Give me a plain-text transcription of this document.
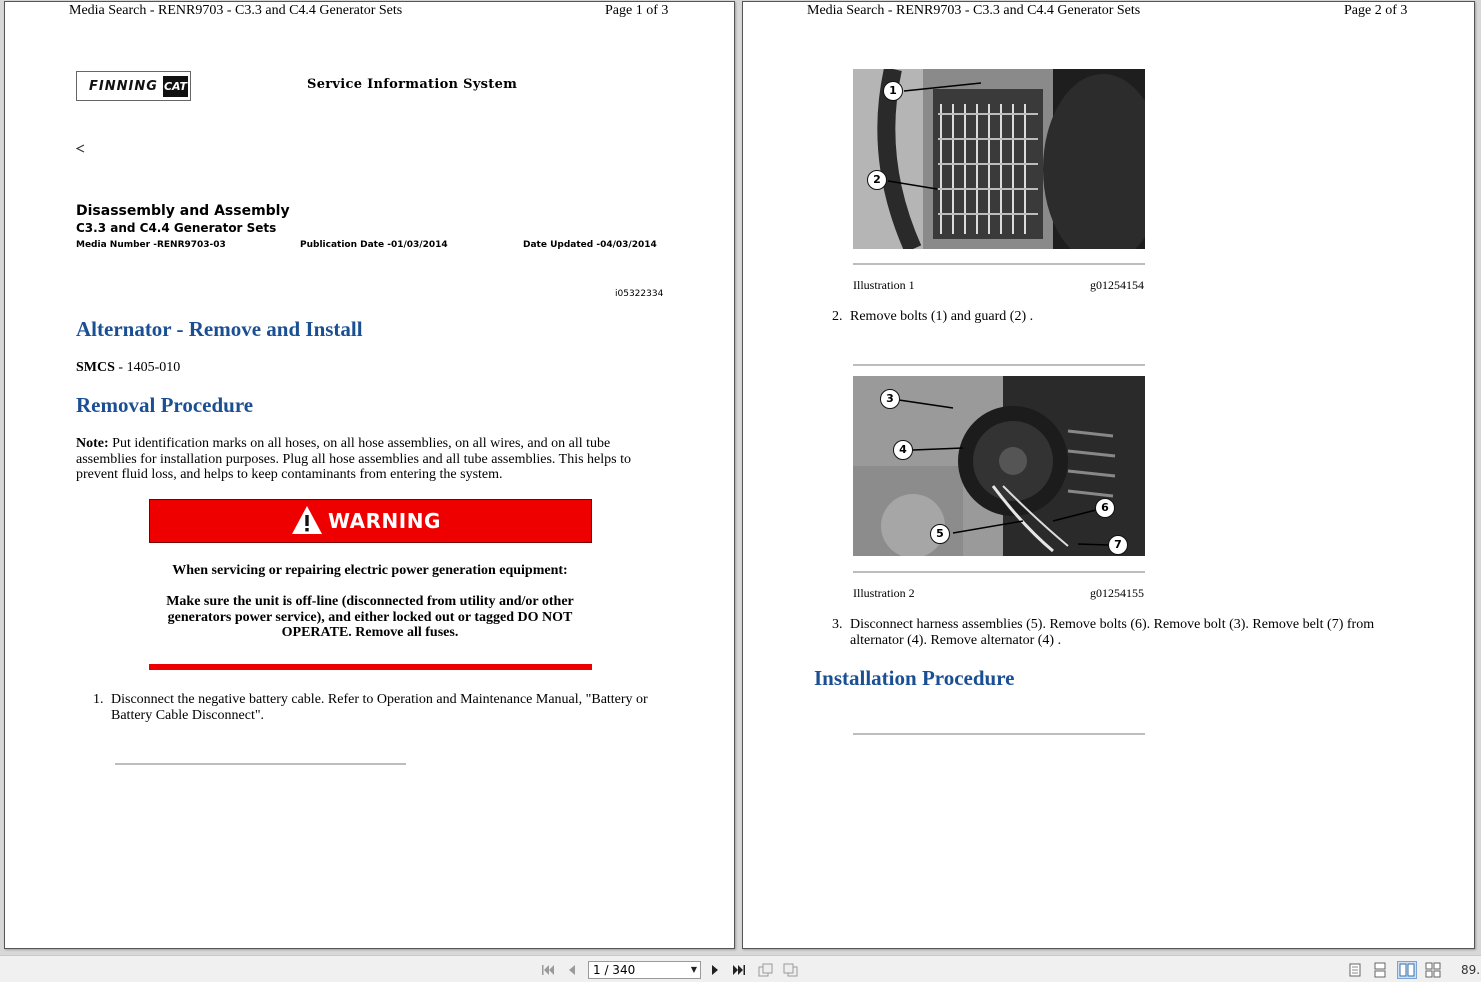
Media Search - RENR9703 - C3.3 and C4.4 Generator Sets	Page 1 of 3
FINNING CAT	Service Information System
Disassembly and Assembly
C3.3 and C4.4 Generator Sets
Media Number -RENR9703-03	Publication Date -01/03/2014	Date Updated -04/03/2014
i05322334
Alternator - Remove and Install
SMCS - 1405-010
Removal Procedure
Note: Put identification marks on all hoses, on all hose assemblies, on all wires, and on all tube assemblies for installation purposes. Plug all hose assemblies and all tube assemblies. This helps to prevent fluid loss, and helps to keep contaminants from entering the system.
WARNING
When servicing or repairing electric power generation equipment:
Make sure the unit is off-line (disconnected from utility and/or other generators power service), and either locked out or tagged DO NOT OPERATE. Remove all fuses.
1. Disconnect the negative battery cable. Refer to Operation and Maintenance Manual, "Battery or Battery Cable Disconnect".
Media Search - RENR9703 - C3.3 and C4.4 Generator Sets	Page 2 of 3
1
2
Illustration 1	g01254154
2. Remove bolts (1) and guard (2) .
3
4
5
6
7
Illustration 2	g01254155
3. Disconnect harness assemblies (5). Remove bolts (6). Remove bolt (3). Remove belt (7) from alternator (4). Remove alternator (4) .
Installation Procedure
1 / 340	▼	89.
